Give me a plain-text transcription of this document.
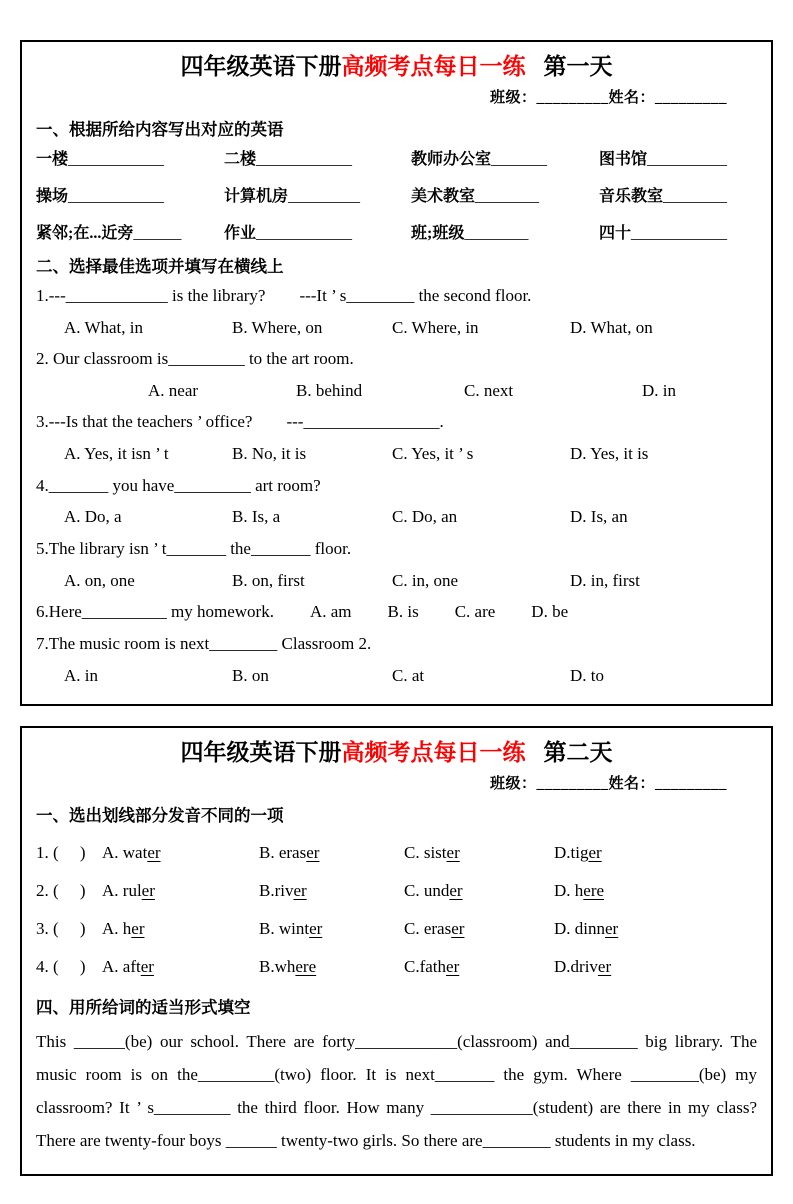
四年级英语下册高频考点每日一练 第一天
班级：_________姓名：_________
一、根据所给内容写出对应的英语
一楼____________	二楼____________	教师办公室_______	图书馆__________
操场____________	计算机房_________	美术教室________	音乐教室________
紧邻;在...近旁______	作业____________	班;班级________	四十____________
二、选择最佳选项并填写在横线上
1.---____________ is the library?　　---It ’ s________ the second floor.
A. What, in	B. Where, on	C. Where, in	D. What, on
2. Our classroom is_________ to the art room.
A. near	B. behind	C. next	D. in
3.---Is that the teachers ’ office?　　---________________.
A. Yes, it isn ’ t	B. No, it is	C. Yes, it ’ s	D. Yes, it is
4._______ you have_________ art room?
A. Do, a	B. Is, a	C. Do, an	D. Is, an
5.The library isn ’ t_______ the_______ floor.
A. on, one	B. on, first	C. in, one	D. in, first
6.Here__________ my homework. A. am B. is C. are D. be
7.The music room is next________ Classroom 2.
A. in	B. on	C. at	D. to
四年级英语下册高频考点每日一练 第二天
班级：_________姓名：_________
一、选出划线部分发音不同的一项
1. (　 ) A. water	B. eraser	C. sister	D.tiger
2. (　 ) A. ruler	B.river	C. under	D. here
3. (　 ) A. her	B. winter	C. eraser	D. dinner
4. (　 ) A. after	B.where	C.father	D.driver
四、用所给词的适当形式填空
This ______(be) our school. There are forty____________(classroom) and________ big library. The music room is on the_________(two) floor. It is next_______ the gym. Where ________(be) my classroom? It ’ s_________ the third floor. How many ____________(student) are there in my class? There are twenty-four boys ______ twenty-two girls. So there are________ students in my class.
